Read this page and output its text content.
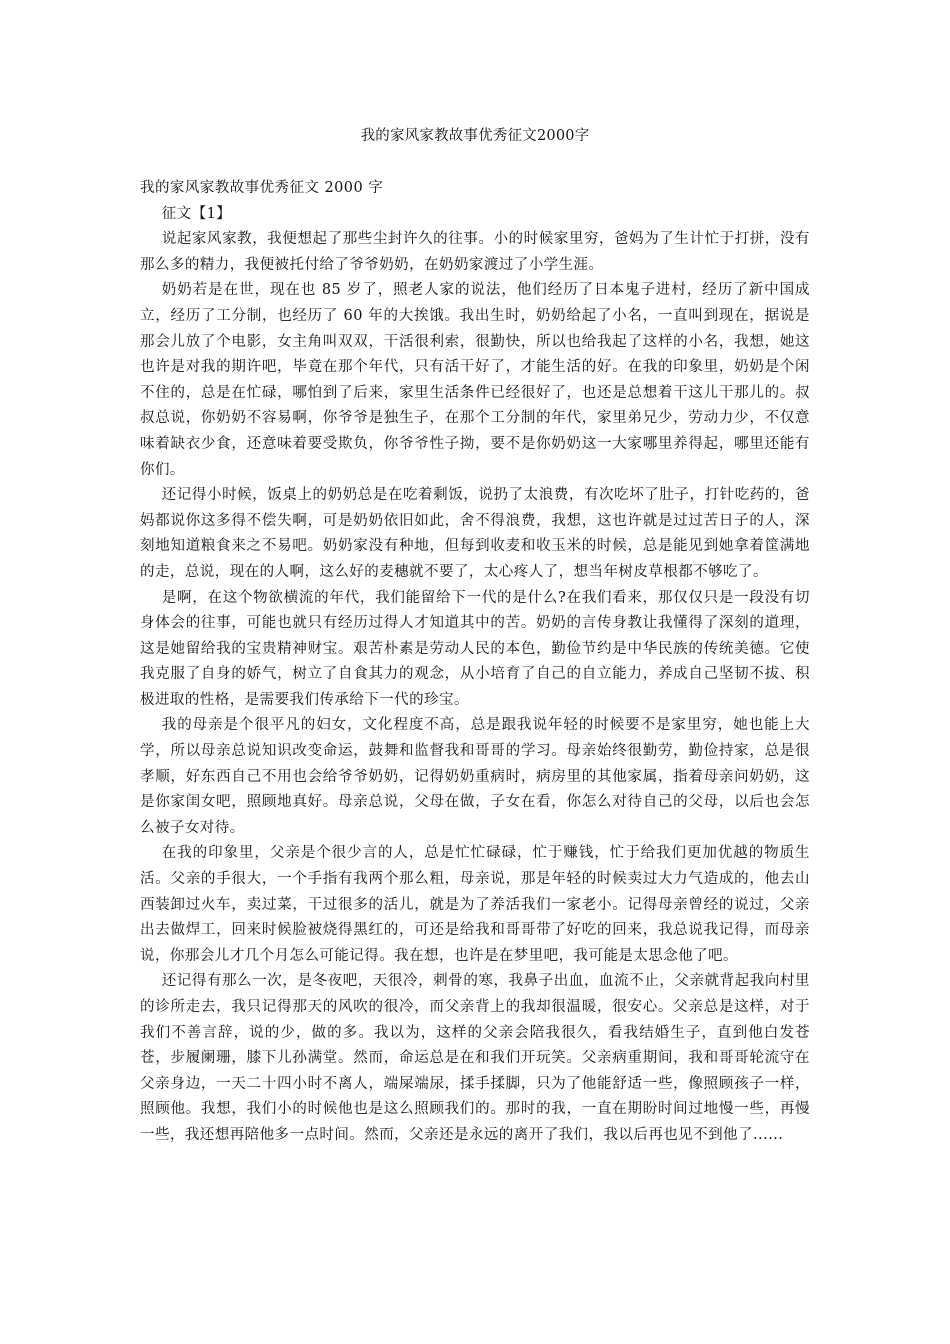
我的家风家教故事优秀征文2000字

我的家风家教故事优秀征文 2000 字

征文【1】

说起家风家教，我便想起了那些尘封许久的往事。小的时候家里穷，爸妈为了生计忙于打拼，没有那么多的精力，我便被托付给了爷爷奶奶，在奶奶家渡过了小学生涯。

奶奶若是在世，现在也 85 岁了，照老人家的说法，他们经历了日本鬼子进村，经历了新中国成立，经历了工分制，也经历了 60 年的大挨饿。我出生时，奶奶给起了小名，一直叫到现在，据说是那会儿放了个电影，女主角叫双双，干活很利索，很勤快，所以也给我起了这样的小名，我想，她这也许是对我的期许吧，毕竟在那个年代，只有活干好了，才能生活的好。在我的印象里，奶奶是个闲不住的，总是在忙碌，哪怕到了后来，家里生活条件已经很好了，也还是总想着干这儿干那儿的。叔叔总说，你奶奶不容易啊，你爷爷是独生子，在那个工分制的年代，家里弟兄少，劳动力少，不仅意味着缺衣少食，还意味着要受欺负，你爷爷性子拗，要不是你奶奶这一大家哪里养得起，哪里还能有你们。

还记得小时候，饭桌上的奶奶总是在吃着剩饭，说扔了太浪费，有次吃坏了肚子，打针吃药的，爸妈都说你这多得不偿失啊，可是奶奶依旧如此，舍不得浪费，我想，这也许就是过过苦日子的人，深刻地知道粮食来之不易吧。奶奶家没有种地，但每到收麦和收玉米的时候，总是能见到她拿着筐满地的走，总说，现在的人啊，这么好的麦穗就不要了，太心疼人了，想当年树皮草根都不够吃了。

是啊，在这个物欲横流的年代，我们能留给下一代的是什么?在我们看来，那仅仅只是一段没有切身体会的往事，可能也就只有经历过得人才知道其中的苦。奶奶的言传身教让我懂得了深刻的道理，这是她留给我的宝贵精神财宝。艰苦朴素是劳动人民的本色，勤俭节约是中华民族的传统美德。它使我克服了自身的娇气，树立了自食其力的观念，从小培育了自己的自立能力，养成自己坚韧不拔、积极进取的性格，是需要我们传承给下一代的珍宝。

我的母亲是个很平凡的妇女，文化程度不高，总是跟我说年轻的时候要不是家里穷，她也能上大学，所以母亲总说知识改变命运，鼓舞和监督我和哥哥的学习。母亲始终很勤劳，勤俭持家，总是很孝顺，好东西自己不用也会给爷爷奶奶，记得奶奶重病时，病房里的其他家属，指着母亲问奶奶，这是你家闺女吧，照顾地真好。母亲总说，父母在做，子女在看，你怎么对待自己的父母，以后也会怎么被子女对待。

在我的印象里，父亲是个很少言的人，总是忙忙碌碌，忙于赚钱，忙于给我们更加优越的物质生活。父亲的手很大，一个手指有我两个那么粗，母亲说，那是年轻的时候卖过大力气造成的，他去山西装卸过火车，卖过菜，干过很多的活儿，就是为了养活我们一家老小。记得母亲曾经的说过，父亲出去做焊工，回来时候脸被烧得黑红的，可还是给我和哥哥带了好吃的回来，我总说我记得，而母亲说，你那会儿才几个月怎么可能记得。我在想，也许是在梦里吧，我可能是太思念他了吧。

还记得有那么一次，是冬夜吧，天很冷，刺骨的寒，我鼻子出血，血流不止，父亲就背起我向村里的诊所走去，我只记得那天的风吹的很冷，而父亲背上的我却很温暖，很安心。父亲总是这样，对于我们不善言辞，说的少，做的多。我以为，这样的父亲会陪我很久，看我结婚生子，直到他白发苍苍，步履阑珊，膝下儿孙满堂。然而，命运总是在和我们开玩笑。父亲病重期间，我和哥哥轮流守在父亲身边，一天二十四小时不离人，端屎端尿，揉手揉脚，只为了他能舒适一些，像照顾孩子一样，照顾他。我想，我们小的时候他也是这么照顾我们的。那时的我，一直在期盼时间过地慢一些，再慢一些，我还想再陪他多一点时间。然而，父亲还是永远的离开了我们，我以后再也见不到他了......
